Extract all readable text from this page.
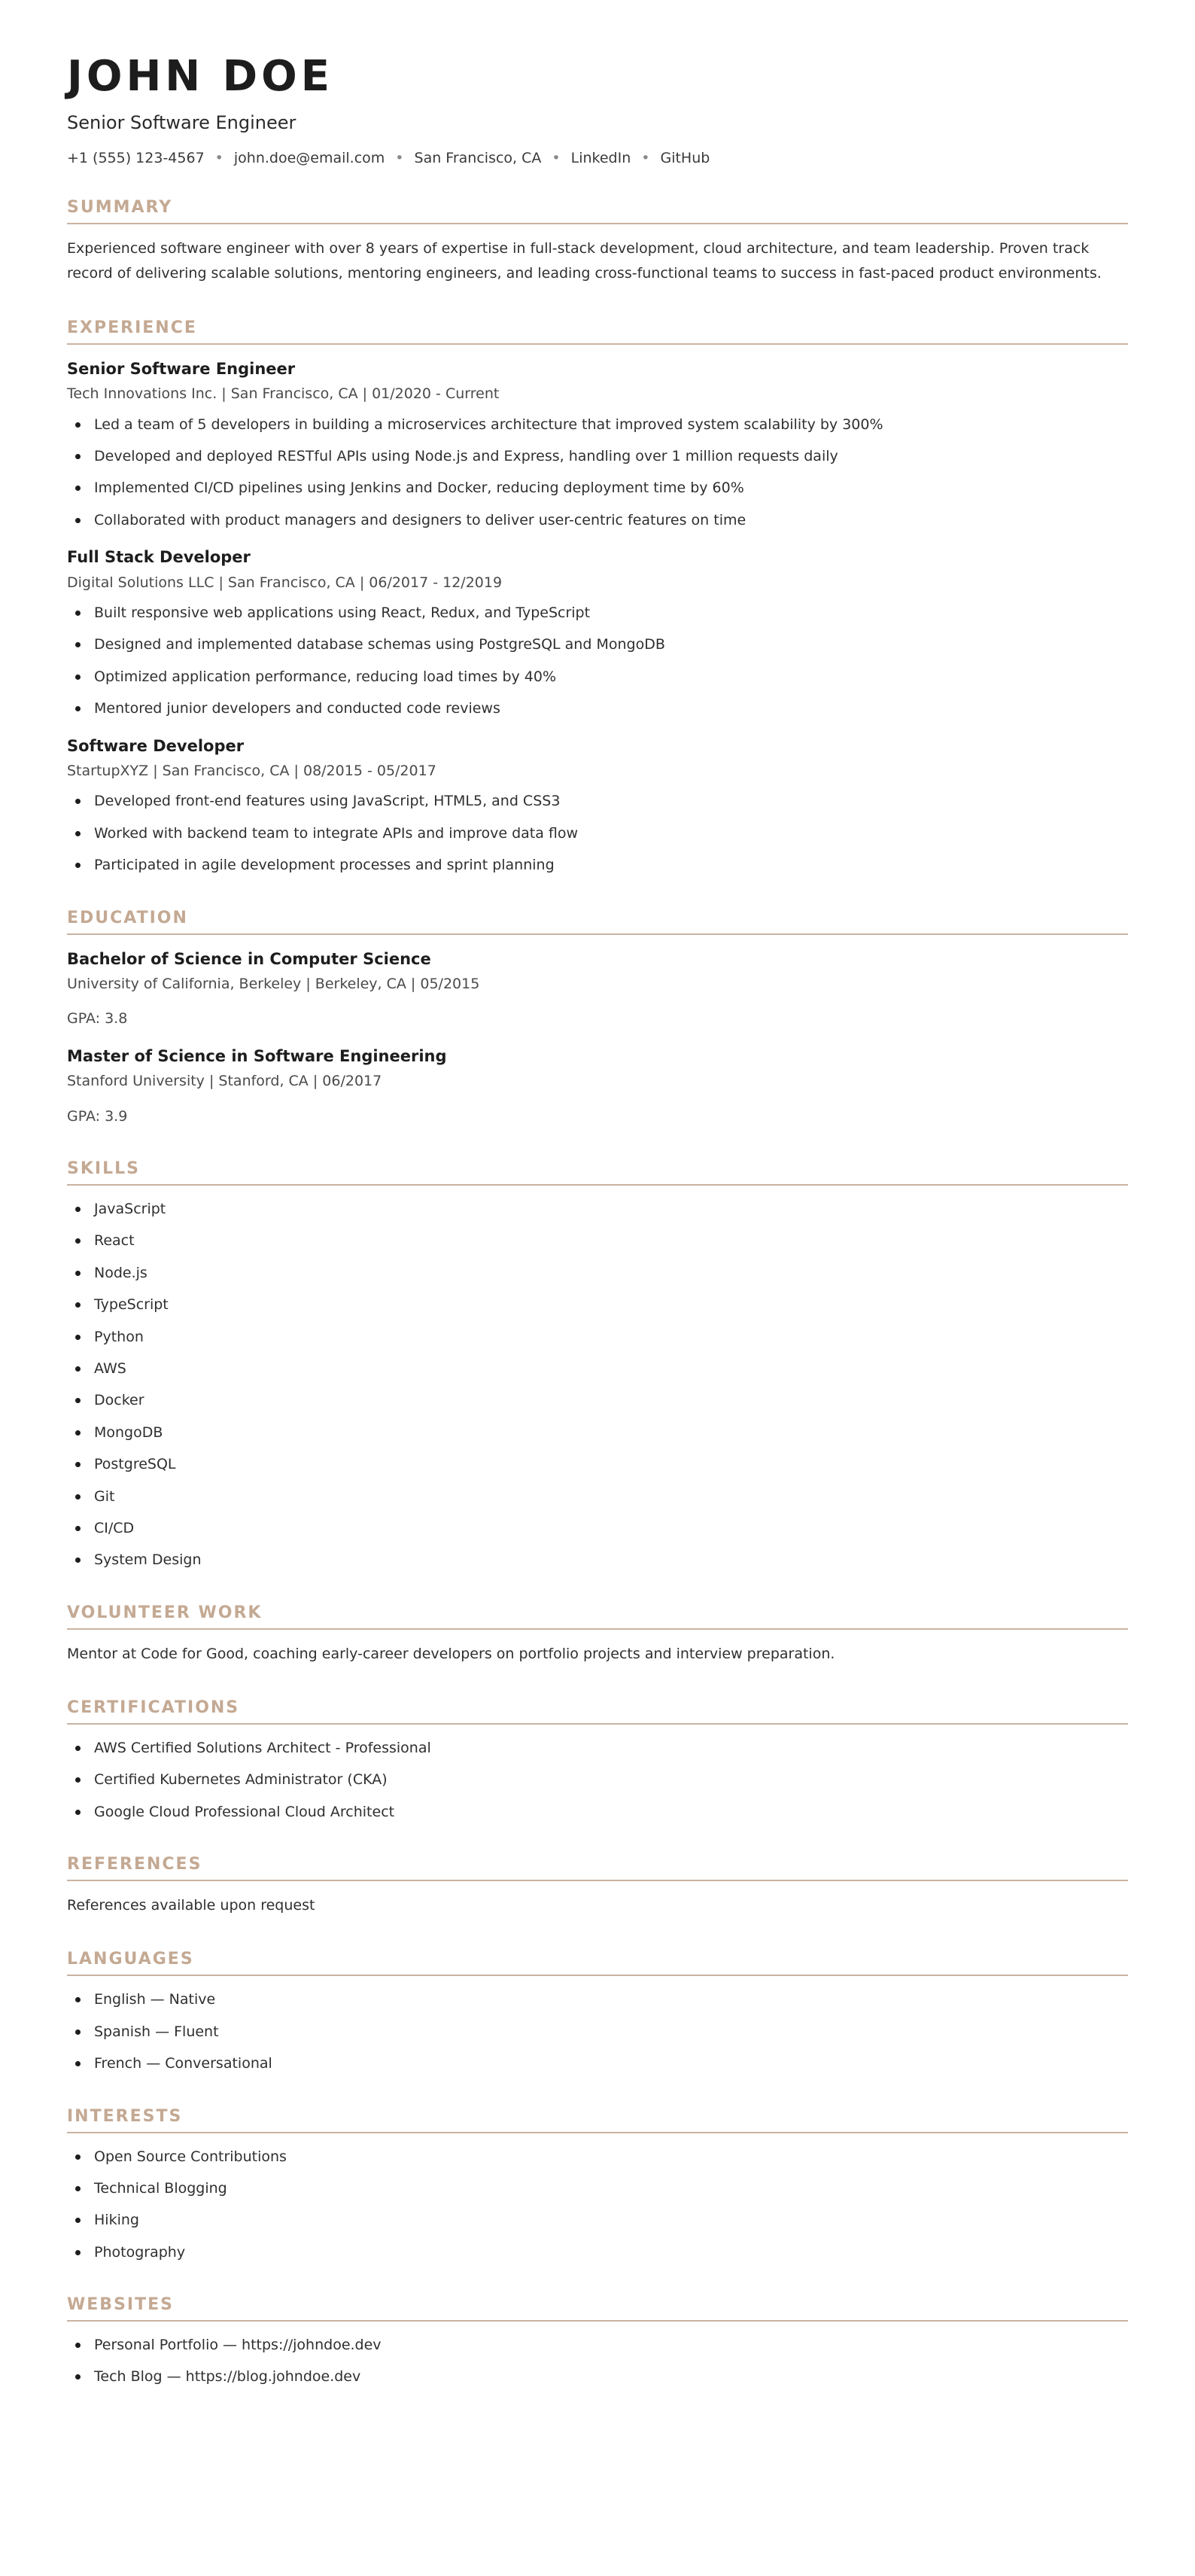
JOHN DOE
Senior Software Engineer
+1 (555) 123-4567 • john.doe@email.com • San Francisco, CA • LinkedIn • GitHub
SUMMARY

Experienced software engineer with over 8 years of expertise in full-stack development, cloud architecture, and team leadership. Proven track record of delivering scalable solutions, mentoring engineers, and leading cross-functional teams to success in fast-paced product environments.

EXPERIENCE
Senior Software Engineer
Tech Innovations Inc. | San Francisco, CA | 01/2020 - Current
Led a team of 5 developers in building a microservices architecture that improved system scalability by 300%
Developed and deployed RESTful APIs using Node.js and Express, handling over 1 million requests daily
Implemented CI/CD pipelines using Jenkins and Docker, reducing deployment time by 60%
Collaborated with product managers and designers to deliver user-centric features on time
Full Stack Developer
Digital Solutions LLC | San Francisco, CA | 06/2017 - 12/2019
Built responsive web applications using React, Redux, and TypeScript
Designed and implemented database schemas using PostgreSQL and MongoDB
Optimized application performance, reducing load times by 40%
Mentored junior developers and conducted code reviews
Software Developer
StartupXYZ | San Francisco, CA | 08/2015 - 05/2017
Developed front-end features using JavaScript, HTML5, and CSS3
Worked with backend team to integrate APIs and improve data flow
Participated in agile development processes and sprint planning
EDUCATION
Bachelor of Science in Computer Science
University of California, Berkeley | Berkeley, CA | 05/2015
GPA: 3.8
Master of Science in Software Engineering
Stanford University | Stanford, CA | 06/2017
GPA: 3.9
SKILLS
JavaScript
React
Node.js
TypeScript
Python
AWS
Docker
MongoDB
PostgreSQL
Git
CI/CD
System Design
VOLUNTEER WORK

Mentor at Code for Good, coaching early-career developers on portfolio projects and interview preparation.

CERTIFICATIONS
AWS Certified Solutions Architect - Professional
Certified Kubernetes Administrator (CKA)
Google Cloud Professional Cloud Architect
REFERENCES

References available upon request

LANGUAGES
English — Native
Spanish — Fluent
French — Conversational
INTERESTS
Open Source Contributions
Technical Blogging
Hiking
Photography
WEBSITES
Personal Portfolio — https://johndoe.dev
Tech Blog — https://blog.johndoe.dev
